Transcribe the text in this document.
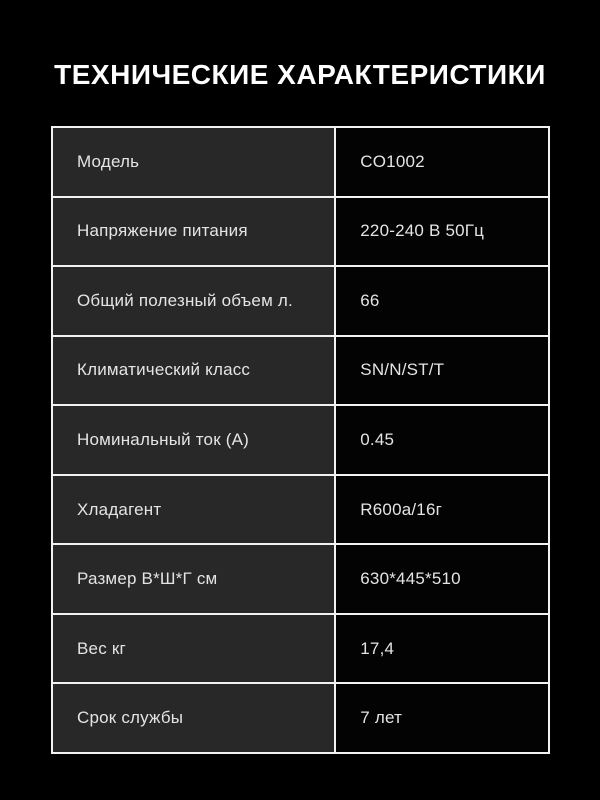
ТЕХНИЧЕСКИЕ ХАРАКТЕРИСТИКИ
Модель	CO1002
Напряжение питания	220-240 В 50Гц
Общий полезный объем л.	66
Климатический класс	SN/N/ST/T
Номинальный ток (А)	0.45
Хладагент	R600a/16г
Размер В*Ш*Г см	630*445*510
Вес кг	17,4
Срок службы	7 лет
